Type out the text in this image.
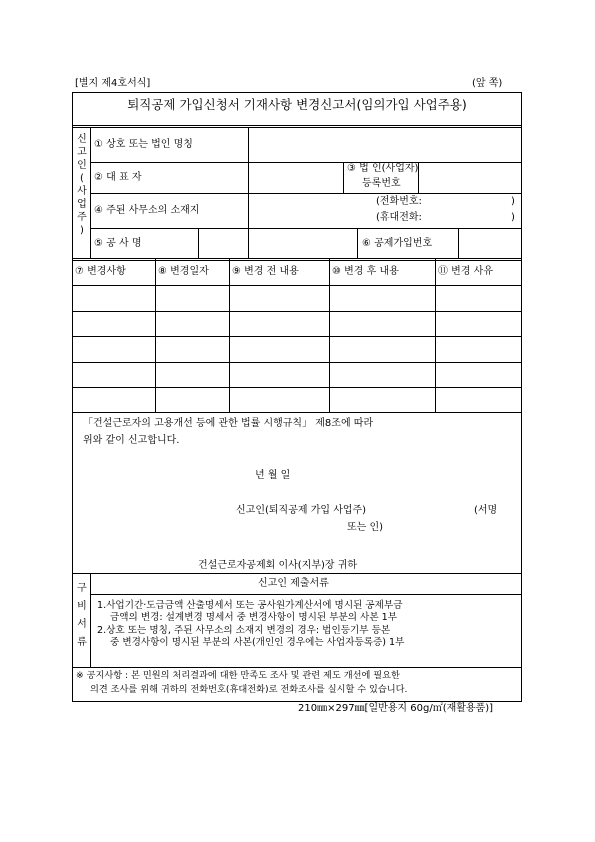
[별지 제4호서식]	(앞 쪽)
퇴직공제 가입신청서 기재사항 변경신고서(임의가입 사업주용)
신
고
인
(
사
업
주
)
① 상호 또는 법인 명칭
② 대 표 자
③ 법 인(사업자)
등록번호
④ 주된 사무소의 소재지
(전화번호:	)
(휴대전화:	)
⑤ 공 사 명	⑥ 공제가입번호
⑦ 변경사항	⑧ 변경일자 ⑨ 변경 전 내용	⑩ 변경 후 내용	⑪ 변경 사유
「건설근로자의 고용개선 등에 관한 법률 시행규칙」 제8조에 따라
위와 같이 신고합니다.
년 월 일
신고인(퇴직공제 가입 사업주)	(서명
또는 인)
건설근로자공제회 이사(지부)장 귀하
구
비
서
류
신고인 제출서류
1.사업기간·도급금액 산출명세서 또는 공사원가계산서에 명시된 공제부금
금액의 변경: 설계변경 명세서 중 변경사항이 명시된 부분의 사본 1부
2.상호 또는 명칭, 주된 사무소의 소재지 변경의 경우: 법인등기부 등본
중 변경사항이 명시된 부분의 사본(개인인 경우에는 사업자등록증) 1부
※ 공지사항 : 본 민원의 처리결과에 대한 만족도 조사 및 관련 제도 개선에 필요한
의견 조사를 위해 귀하의 전화번호(휴대전화)로 전화조사를 실시할 수 있습니다.
210㎜×297㎜[일반용지 60g/㎡(재활용품)]
